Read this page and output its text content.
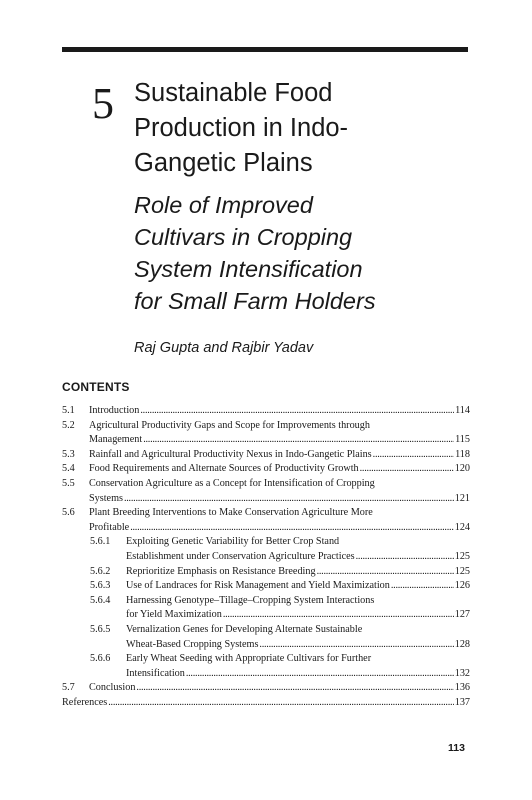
5 Sustainable Food
Production in Indo-
Gangetic Plains
Role of Improved
Cultivars in Cropping
System Intensification
for Small Farm Holders
Raj Gupta and Rajbir Yadav
CONTENTS
5.1 Introduction . . .	114
5.2 Agricultural Productivity Gaps and Scope for Improvements through
Management . . .	115
5.3 Rainfall and Agricultural Productivity Nexus in Indo-Gangetic Plains . . .	118
5.4 Food Requirements and Alternate Sources of Productivity Growth . . .	120
5.5 Conservation Agriculture as a Concept for Intensification of Cropping
Systems . . .	121
5.6 Plant Breeding Interventions to Make Conservation Agriculture More
Profitable . . .	124
5.6.1 Exploiting Genetic Variability for Better Crop Stand
Establishment under Conservation Agriculture Practices . . .	125
5.6.2 Reprioritize Emphasis on Resistance Breeding . . .	125
5.6.3 Use of Landraces for Risk Management and Yield Maximization . . .	126
5.6.4 Harnessing Genotype–Tillage–Cropping System Interactions
for Yield Maximization . . .	127
5.6.5 Vernalization Genes for Developing Alternate Sustainable
Wheat-Based Cropping Systems . . .	128
5.6.6 Early Wheat Seeding with Appropriate Cultivars for Further
Intensification . . .	132
5.7 Conclusion . . .	136
References . . .	137
113
